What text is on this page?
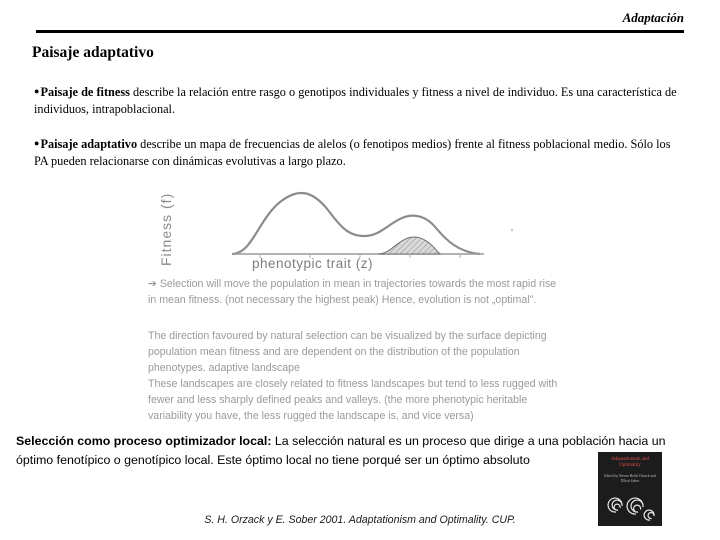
Adaptación
Paisaje adaptativo
●Paisaje de fitness describe la relación entre rasgo o genotipos individuales y fitness a nivel de individuo. Es una característica de individuos, intrapoblacional.
●Paisaje adaptativo describe un mapa de frecuencias de alelos (o fenotipos medios) frente al fitness poblacional medio. Sólo los PA pueden relacionarse con dinámicas evolutivas a largo plazo.
Fitness (f)	phenotypic trait (z)
➔ Selection will move the population in mean in trajectories towards the most rapid rise in mean fitness. (not necessary the highest peak) Hence, evolution is not „optimal".
The direction favoured by natural selection can be visualized by the surface depicting population mean fitness and are dependent on the distribution of the population phenotypes. adaptive landscape
These landscapes are closely related to fitness landscapes but tend to less rugged with fewer and less sharply defined peaks and valleys. (the more phenotypic heritable variability you have, the less rugged the landscape is, and vice versa)
Selección como proceso optimizador local: La selección natural es un proceso que dirige a una población hacia un óptimo fenotípico o genotípico local. Este óptimo local no tiene porqué ser un óptimo absoluto	Adaptationism and Optimality
Edited by Steven Hecht Orzack and Elliott Sober
S. H. Orzack y E. Sober 2001. Adaptationism and Optimality. CUP.
